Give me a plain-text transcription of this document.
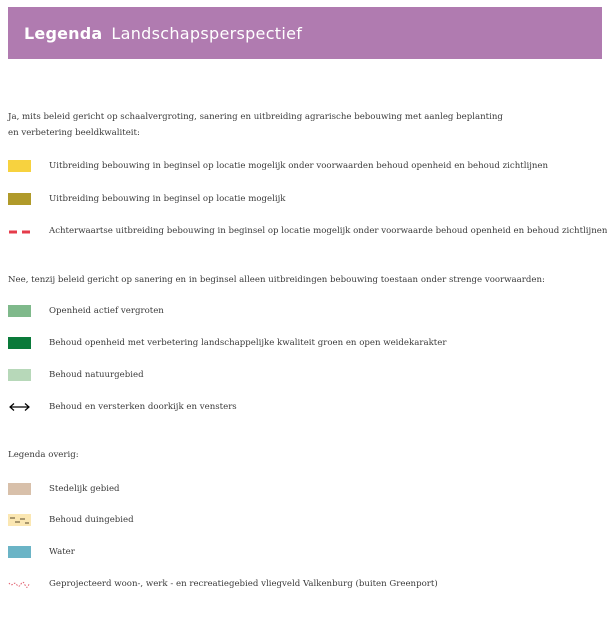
Legenda Landschapsperspectief
Ja, mits beleid gericht op schaalvergroting, sanering en uitbreiding agrarische bebouwing met aanleg beplanting
en verbetering beeldkwaliteit:
Uitbreiding bebouwing in beginsel op locatie mogelijk onder voorwaarden behoud openheid en behoud zichtlijnen
Uitbreiding bebouwing in beginsel op locatie mogelijk
Achterwaartse uitbreiding bebouwing in beginsel op locatie mogelijk onder voorwaarde behoud openheid en behoud zichtlijnen
Nee, tenzij beleid gericht op sanering en in beginsel alleen uitbreidingen bebouwing toestaan onder strenge voorwaarden:
Openheid actief vergroten
Behoud openheid met verbetering landschappelijke kwaliteit groen en open weidekarakter
Behoud natuurgebied
Behoud en versterken doorkijk en vensters
Legenda overig:
Stedelijk gebied
Behoud duingebied
Water
Geprojecteerd woon-, werk - en recreatiegebied vliegveld Valkenburg (buiten Greenport)
